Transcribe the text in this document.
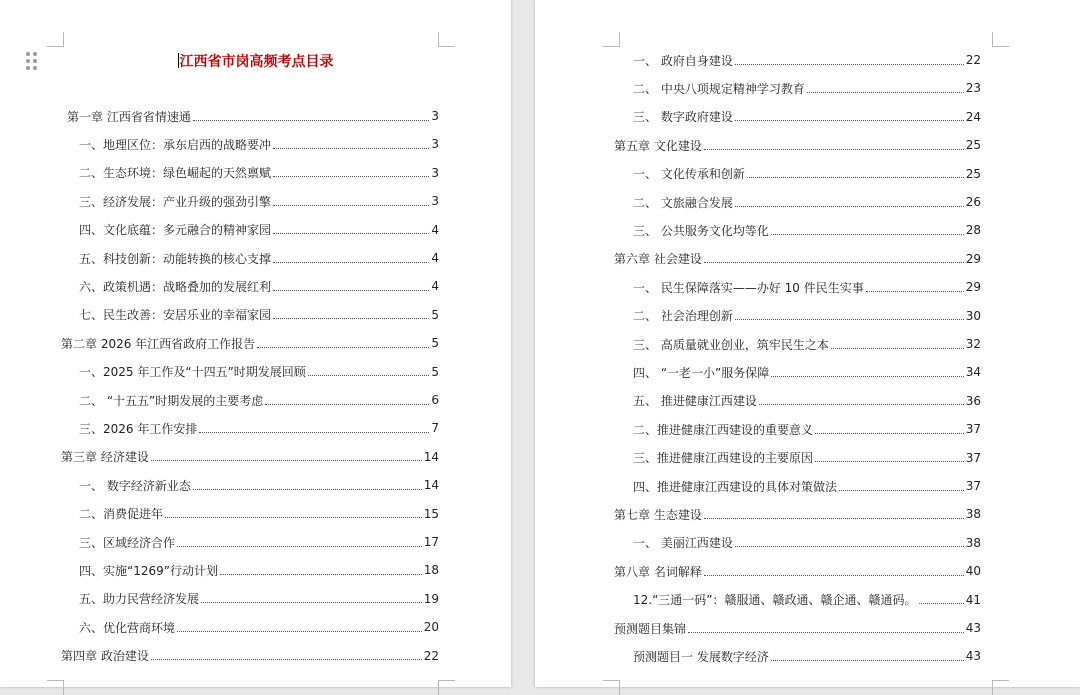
江西省市岗高频考点目录
第一章 江西省省情速通	3
一、地理区位：承东启西的战略要冲	3
二、生态环境：绿色崛起的天然禀赋	3
三、经济发展：产业升级的强劲引擎	3
四、文化底蕴：多元融合的精神家园	4
五、科技创新：动能转换的核心支撑	4
六、政策机遇：战略叠加的发展红利	4
七、民生改善：安居乐业的幸福家园	5
第二章 2026 年江西省政府工作报告	5
一、2025 年工作及“十四五”时期发展回顾	5
二、 “十五五”时期发展的主要考虑	6
三、2026 年工作安排	7
第三章 经济建设	14
一、 数字经济新业态	14
二、消费促进年	15
三、区域经济合作	17
四、实施“1269”行动计划	18
五、助力民营经济发展	19
六、优化营商环境	20
第四章 政治建设	22
一、 政府自身建设	22
二、 中央八项规定精神学习教育	23
三、 数字政府建设	24
第五章 文化建设	25
一、 文化传承和创新	25
二、 文旅融合发展	26
三、 公共服务文化均等化	28
第六章 社会建设	29
一、 民生保障落实——办好 10 件民生实事	29
二、 社会治理创新	30
三、 高质量就业创业，筑牢民生之本	32
四、 “一老一小”服务保障	34
五、 推进健康江西建设	36
二、推进健康江西建设的重要意义	37
三、推进健康江西建设的主要原因	37
四、推进健康江西建设的具体对策做法	37
第七章 生态建设	38
一、 美丽江西建设	38
第八章 名词解释	40
12.“三通一码”：赣服通、赣政通、赣企通、赣通码。	41
预测题目集锦	43
预测题目一 发展数字经济	43
